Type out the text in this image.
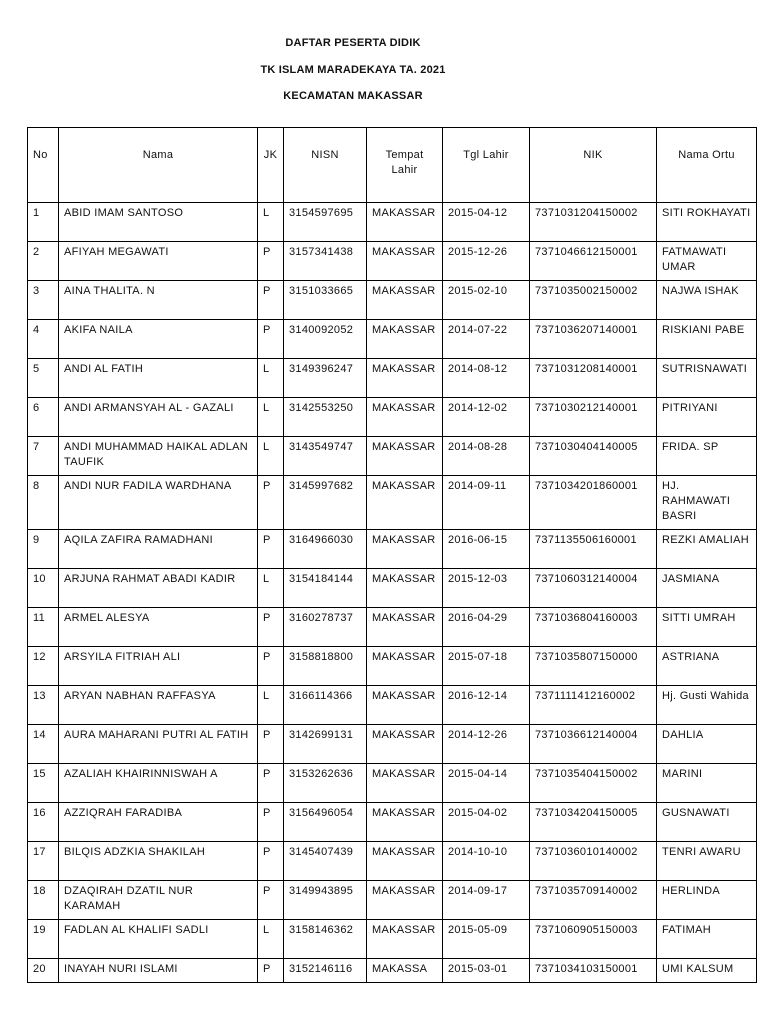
DAFTAR PESERTA DIDIK
TK ISLAM MARADEKAYA TA. 2021
KECAMATAN MAKASSAR
No	Nama	JK	NISN	Tempat Lahir	Tgl Lahir	NIK	Nama Ortu
1	ABID IMAM SANTOSO	L	3154597695	MAKASSAR	2015-04-12	7371031204150002	SITI ROKHAYATI
2	AFIYAH MEGAWATI	P	3157341438	MAKASSAR	2015-12-26	7371046612150001	FATMAWATI UMAR
3	AINA THALITA. N	P	3151033665	MAKASSAR	2015-02-10	7371035002150002	NAJWA ISHAK
4	AKIFA NAILA	P	3140092052	MAKASSAR	2014-07-22	7371036207140001	RISKIANI PABE
5	ANDI AL FATIH	L	3149396247	MAKASSAR	2014-08-12	7371031208140001	SUTRISNAWATI
6	ANDI ARMANSYAH AL - GAZALI	L	3142553250	MAKASSAR	2014-12-02	7371030212140001	PITRIYANI
7	ANDI MUHAMMAD HAIKAL ADLAN TAUFIK	L	3143549747	MAKASSAR	2014-08-28	7371030404140005	FRIDA. SP
8	ANDI NUR FADILA WARDHANA	P	3145997682	MAKASSAR	2014-09-11	7371034201860001	HJ. RAHMAWATI BASRI
9	AQILA ZAFIRA RAMADHANI	P	3164966030	MAKASSAR	2016-06-15	7371135506160001	REZKI AMALIAH
10	ARJUNA RAHMAT ABADI KADIR	L	3154184144	MAKASSAR	2015-12-03	7371060312140004	JASMIANA
11	ARMEL ALESYA	P	3160278737	MAKASSAR	2016-04-29	7371036804160003	SITTI UMRAH
12	ARSYILA FITRIAH ALI	P	3158818800	MAKASSAR	2015-07-18	7371035807150000	ASTRIANA
13	ARYAN NABHAN RAFFASYA	L	3166114366	MAKASSAR	2016-12-14	7371111412160002	Hj. Gusti Wahida
14	AURA MAHARANI PUTRI AL FATIH	P	3142699131	MAKASSAR	2014-12-26	7371036612140004	DAHLIA
15	AZALIAH KHAIRINNISWAH A	P	3153262636	MAKASSAR	2015-04-14	7371035404150002	MARINI
16	AZZIQRAH FARADIBA	P	3156496054	MAKASSAR	2015-04-02	7371034204150005	GUSNAWATI
17	BILQIS ADZKIA SHAKILAH	P	3145407439	MAKASSAR	2014-10-10	7371036010140002	TENRI AWARU
18	DZAQIRAH DZATIL NUR KARAMAH	P	3149943895	MAKASSAR	2014-09-17	7371035709140002	HERLINDA
19	FADLAN AL KHALIFI SADLI	L	3158146362	MAKASSAR	2015-05-09	7371060905150003	FATIMAH
20	INAYAH NURI ISLAMI	P	3152146116	MAKASSA	2015-03-01	7371034103150001	UMI KALSUM
